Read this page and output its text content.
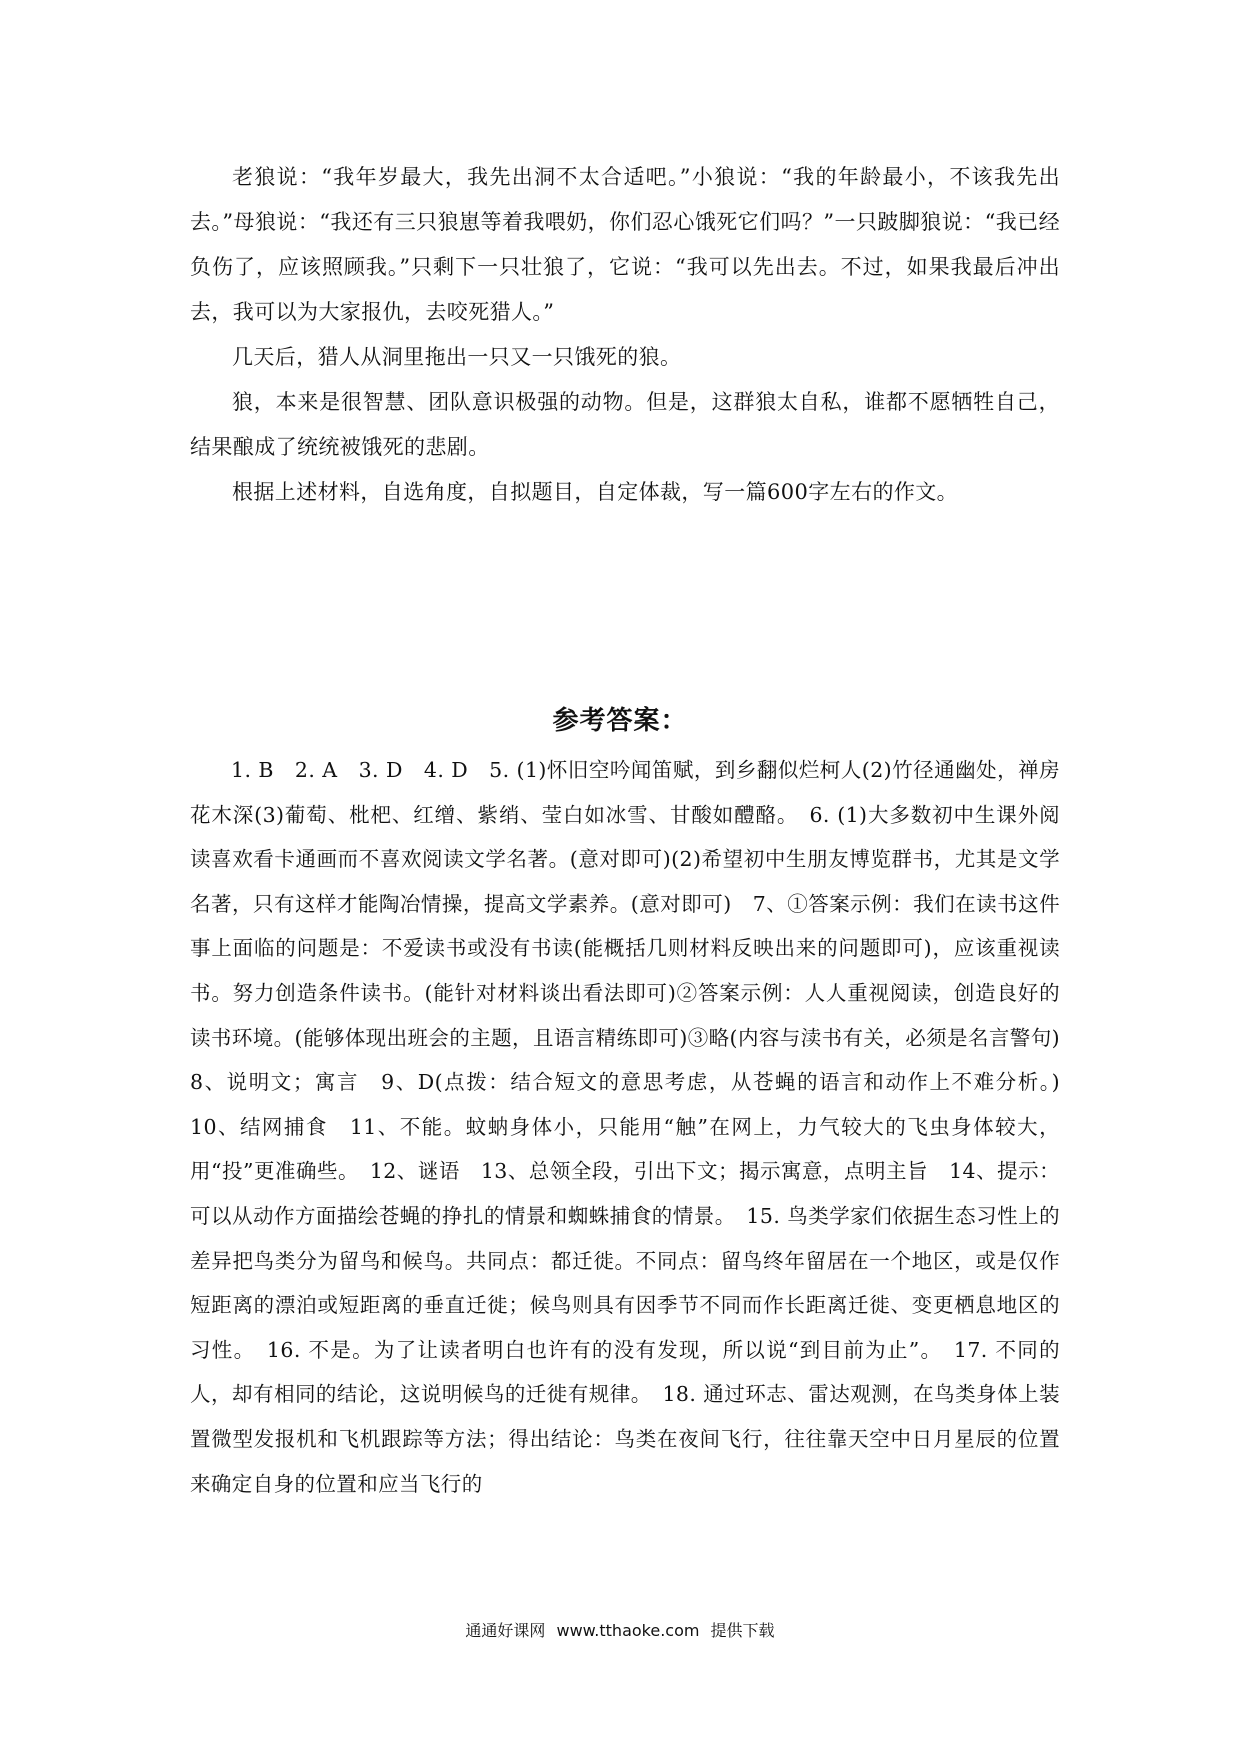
老狼说：“我年岁最大，我先出洞不太合适吧。”小狼说：“我的年龄最小，不该我先出去。”母狼说：“我还有三只狼崽等着我喂奶，你们忍心饿死它们吗？”一只跛脚狼说：“我已经负伤了，应该照顾我。”只剩下一只壮狼了，它说：“我可以先出去。不过，如果我最后冲出去，我可以为大家报仇，去咬死猎人。”

几天后，猎人从洞里拖出一只又一只饿死的狼。

狼，本来是很智慧、团队意识极强的动物。但是，这群狼太自私，谁都不愿牺牲自己，结果酿成了统统被饿死的悲剧。

根据上述材料，自选角度，自拟题目，自定体裁，写一篇600字左右的作文。

参考答案：

1. B　2. A　3. D　4. D　5. (1)怀旧空吟闻笛赋，到乡翻似烂柯人(2)竹径通幽处，禅房花木深(3)葡萄、枇杷、红缯、紫绡、莹白如冰雪、甘酸如醴酪。　6. (1)大多数初中生课外阅读喜欢看卡通画而不喜欢阅读文学名著。(意对即可)(2)希望初中生朋友博览群书，尤其是文学名著，只有这样才能陶冶情操，提高文学素养。(意对即可)　7、①答案示例：我们在读书这件事上面临的问题是：不爱读书或没有书读(能概括几则材料反映出来的问题即可)，应该重视读书。努力创造条件读书。(能针对材料谈出看法即可)②答案示例：人人重视阅读，创造良好的读书环境。(能够体现出班会的主题，且语言精练即可)③略(内容与渎书有关，必须是名言警句)　8、说明文；寓言　9、D(点拨：结合短文的意思考虑，从苍蝇的语言和动作上不难分析。)　10、结网捕食　11、不能。蚊蚋身体小，只能用“触”在网上，力气较大的飞虫身体较大，用“投”更准确些。　12、谜语　13、总领全段，引出下文；揭示寓意，点明主旨　14、提示：可以从动作方面描绘苍蝇的挣扎的情景和蜘蛛捕食的情景。　15. 鸟类学家们依据生态习性上的差异把鸟类分为留鸟和候鸟。共同点：都迁徙。不同点：留鸟终年留居在一个地区，或是仅作短距离的漂泊或短距离的垂直迁徙；候鸟则具有因季节不同而作长距离迁徙、变更栖息地区的习性。　16. 不是。为了让读者明白也许有的没有发现，所以说“到目前为止”。　17. 不同的人，却有相同的结论，这说明候鸟的迁徙有规律。　18. 通过环志、雷达观测，在鸟类身体上装置微型发报机和飞机跟踪等方法；得出结论：鸟类在夜间飞行，往往靠天空中日月星辰的位置来确定自身的位置和应当飞行的

通通好课网 www.tthaoke.com 提供下载
